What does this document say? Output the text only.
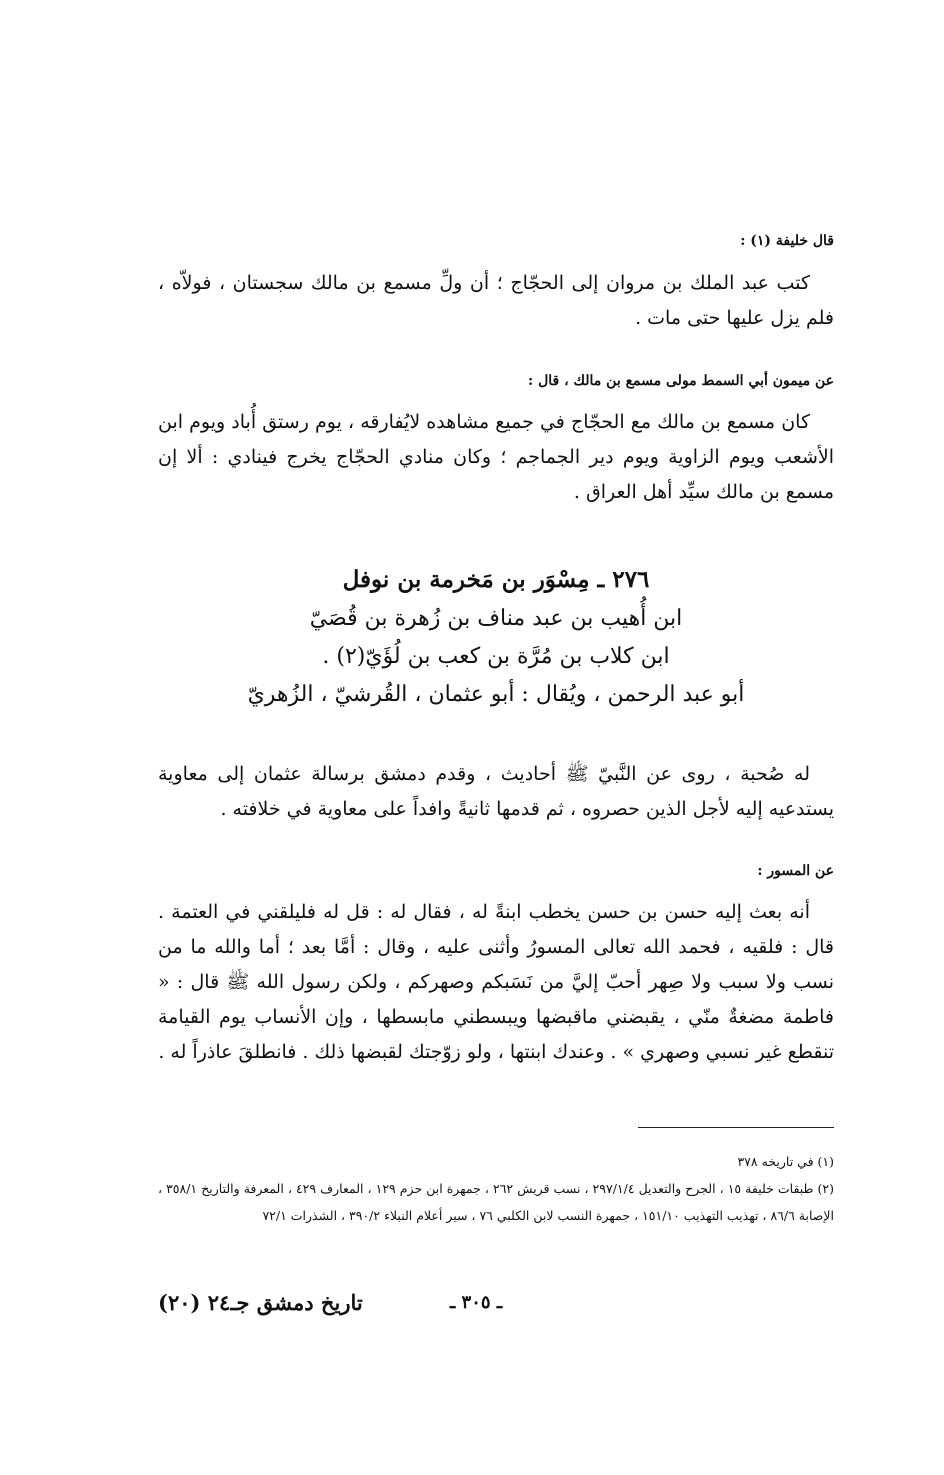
قال خليفة (١) :

كتب عبد الملك بن مروان إلى الحجّاج ؛ أن ولِّ مسمع بن مالك سجستان ، فولاّه ، فلم يزل عليها حتى مات .

عن ميمون أبي السمط مولى مسمع بن مالك ، قال :

كان مسمع بن مالك مع الحجّاج في جميع مشاهده لايُفارقه ، يوم رستق أُباد ويوم ابن الأشعب ويوم الزاوية ويوم دير الجماجم ؛ وكان منادي الحجّاج يخرج فينادي : ألا إن مسمع بن مالك سيِّد أهل العراق .

٢٧٦ ـ مِسْوَر بن مَخرمة بن نوفل
ابن أُهيب بن عبد مناف بن زُهرة بن قُصَيّ
ابن كلاب بن مُرَّة بن كعب بن لُؤَيّ(٢) .
أبو عبد الرحمن ، ويُقال : أبو عثمان ، القُرشيّ ، الزُهريّ

له صُحبة ، روى عن النَّبيّ ﷺ أحاديث ، وقدم دمشق برسالة عثمان إلى معاوية يستدعيه إليه لأجل الذين حصروه ، ثم قدمها ثانيةً وافداً على معاوية في خلافته .

عن المسور :

أنه بعث إليه حسن بن حسن يخطب ابنةً له ، فقال له : قل له فليلقني في العتمة . قال : فلقيه ، فحمد الله تعالى المسورُ وأثنى عليه ، وقال : أمَّا بعد ؛ أما والله ما من نسب ولا سبب ولا صِهر أحبّ إليَّ من نَسَبكم وصهركم ، ولكن رسول الله ﷺ قال : « فاطمة مضغةٌ منّي ، يقبضني ماقبضها ويبسطني مابسطها ، وإن الأنساب يوم القيامة تنقطع غير نسبي وصهري » . وعندك ابنتها ، ولو زوّجتك لقبضها ذلك . فانطلقَ عاذراً له .

(١) في تاريخه ٣٧٨
(٢) طبقات خليفة ١٥ ، الجرح والتعديل ٢٩٧/١/٤ ، نسب قريش ٢٦٢ ، جمهرة ابن حزم ١٢٩ ، المعارف ٤٢٩ ، المعرفة والتاريخ ٣٥٨/١ ، الإصابة ٨٦/٦ ، تهذيب التهذيب ١٥١/١٠ ، جمهرة النسب لابن الكلبي ٧٦ ، سير أعلام النبلاء ٣٩٠/٢ ، الشذرات ٧٢/١
ـ ٣٠٥ ـ
تاريخ دمشق جـ٢٤ (٢٠)
